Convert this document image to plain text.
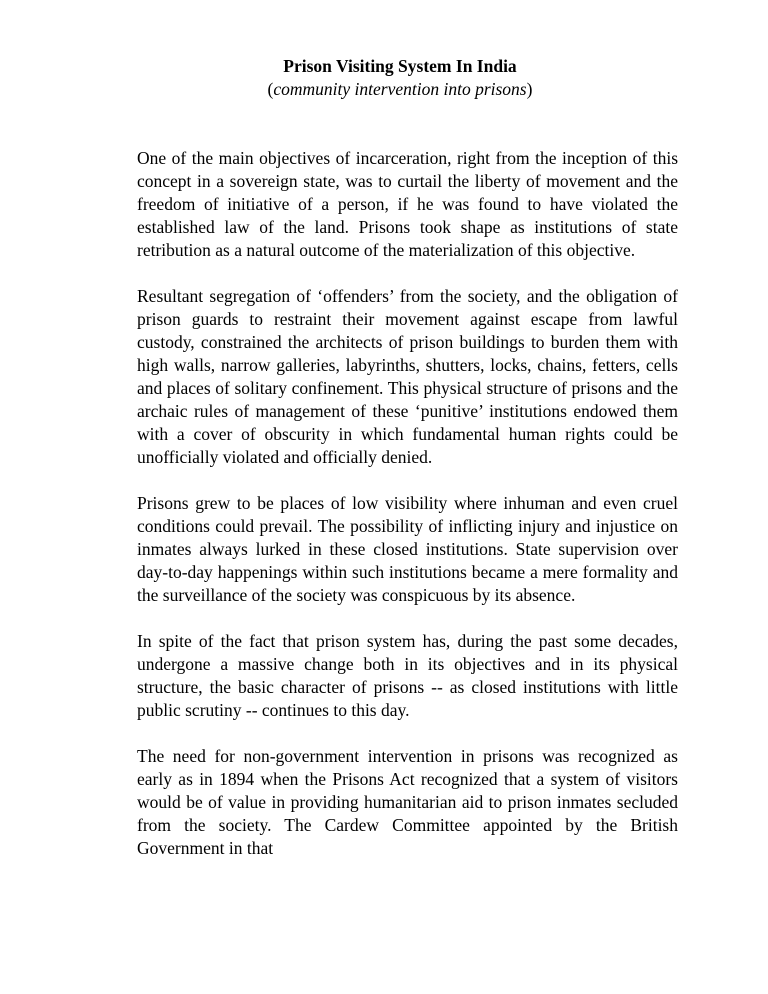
Prison Visiting System In India

(community intervention into prisons)

One of the main objectives of incarceration, right from the inception of this concept in a sovereign state, was to curtail the liberty of movement and the freedom of initiative of a person, if he was found to have violated the established law of the land. Prisons took shape as institutions of state retribution as a natural outcome of the materialization of this objective.

Resultant segregation of ‘offenders’ from the society, and the obligation of prison guards to restraint their movement against escape from lawful custody, constrained the architects of prison buildings to burden them with high walls, narrow galleries, labyrinths, shutters, locks, chains, fetters, cells and places of solitary confinement. This physical structure of prisons and the archaic rules of management of these ‘punitive’ institutions endowed them with a cover of obscurity in which fundamental human rights could be unofficially violated and officially denied.

Prisons grew to be places of low visibility where inhuman and even cruel conditions could prevail. The possibility of inflicting injury and injustice on inmates always lurked in these closed institutions. State supervision over day-to-day happenings within such institutions became a mere formality and the surveillance of the society was conspicuous by its absence.

In spite of the fact that prison system has, during the past some decades, undergone a massive change both in its objectives and in its physical structure, the basic character of prisons -- as closed institutions with little public scrutiny -- continues to this day.

The need for non-government intervention in prisons was recognized as early as in 1894 when the Prisons Act recognized that a system of visitors would be of value in providing humanitarian aid to prison inmates secluded from the society. The Cardew Committee appointed by the British Government in that
